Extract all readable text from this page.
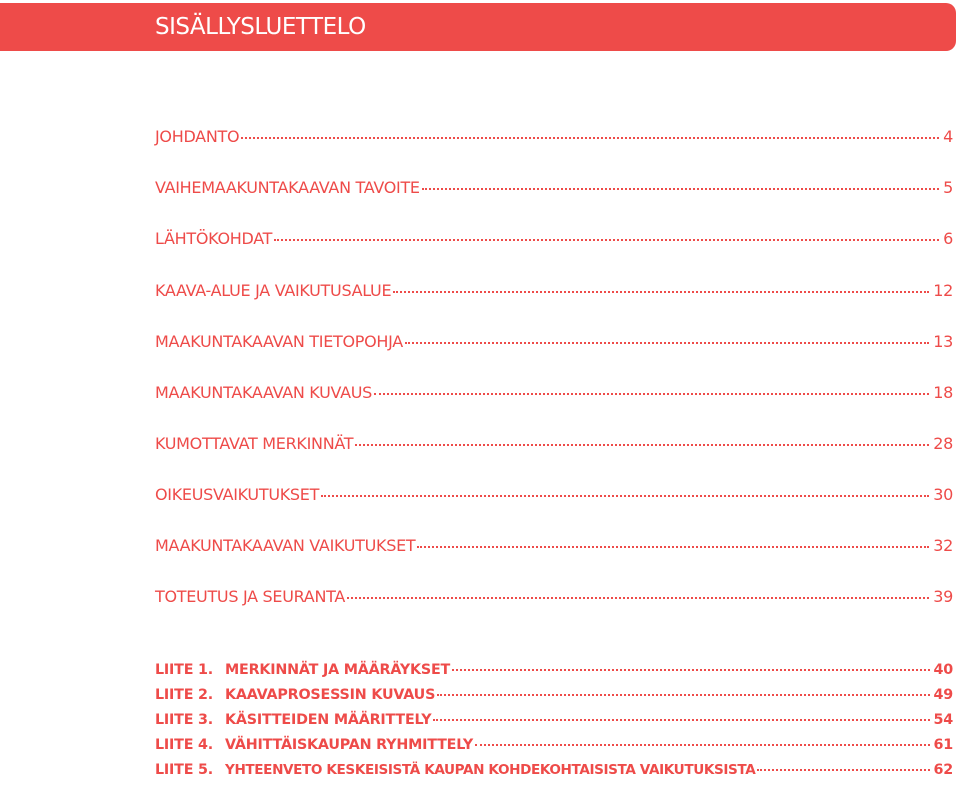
SISÄLLYSLUETTELO
JOHDANTO	4
VAIHEMAAKUNTAKAAVAN TAVOITE	5
LÄHTÖKOHDAT	6
KAAVA-ALUE JA VAIKUTUSALUE	12
MAAKUNTAKAAVAN TIETOPOHJA	13
MAAKUNTAKAAVAN KUVAUS	18
KUMOTTAVAT MERKINNÄT	28
OIKEUSVAIKUTUKSET	30
MAAKUNTAKAAVAN VAIKUTUKSET	32
TOTEUTUS JA SEURANTA	39
LIITE 1. MERKINNÄT JA MÄÄRÄYKSET	40
LIITE 2. KAAVAPROSESSIN KUVAUS	49
LIITE 3. KÄSITTEIDEN MÄÄRITTELY	54
LIITE 4. VÄHITTÄISKAUPAN RYHMITTELY	61
LIITE 5. YHTEENVETO KESKEISISTÄ KAUPAN KOHDEKOHTAISISTA VAIKUTUKSISTA	62
